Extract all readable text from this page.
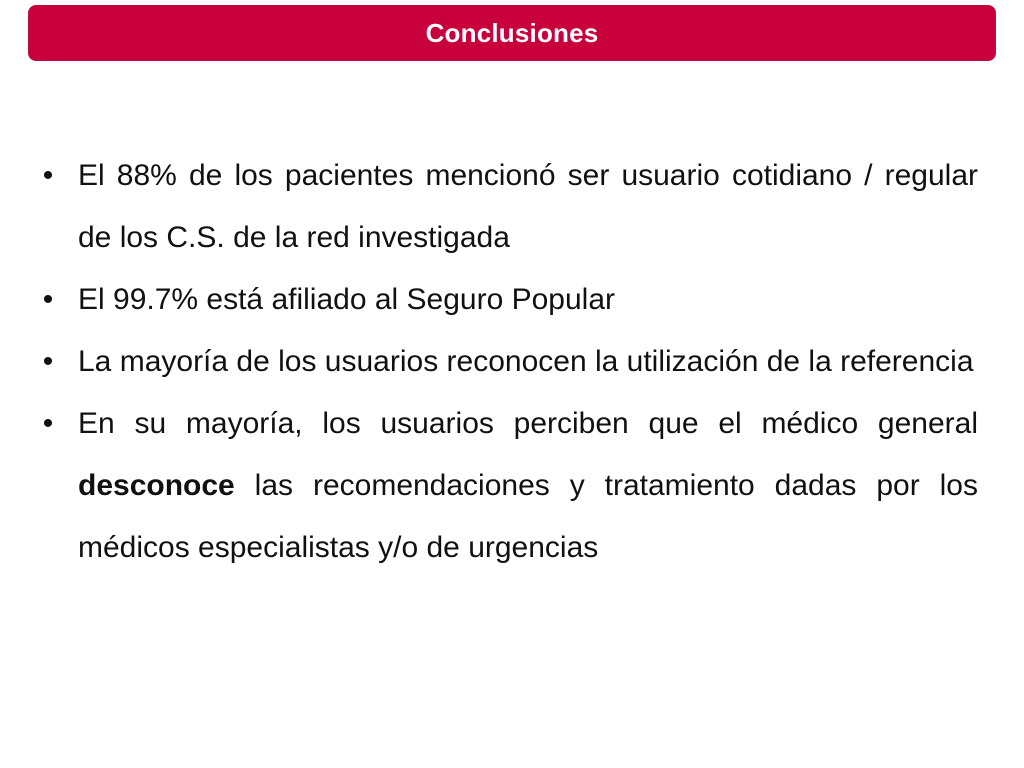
Conclusiones
• El 88% de los pacientes mencionó ser usuario cotidiano / regular de los C.S. de la red investigada
• El 99.7% está afiliado al Seguro Popular
• La mayoría de los usuarios reconocen la utilización de la referencia
• En su mayoría, los usuarios perciben que el médico general desconoce las recomendaciones y tratamiento dadas por los médicos especialistas y/o de urgencias
